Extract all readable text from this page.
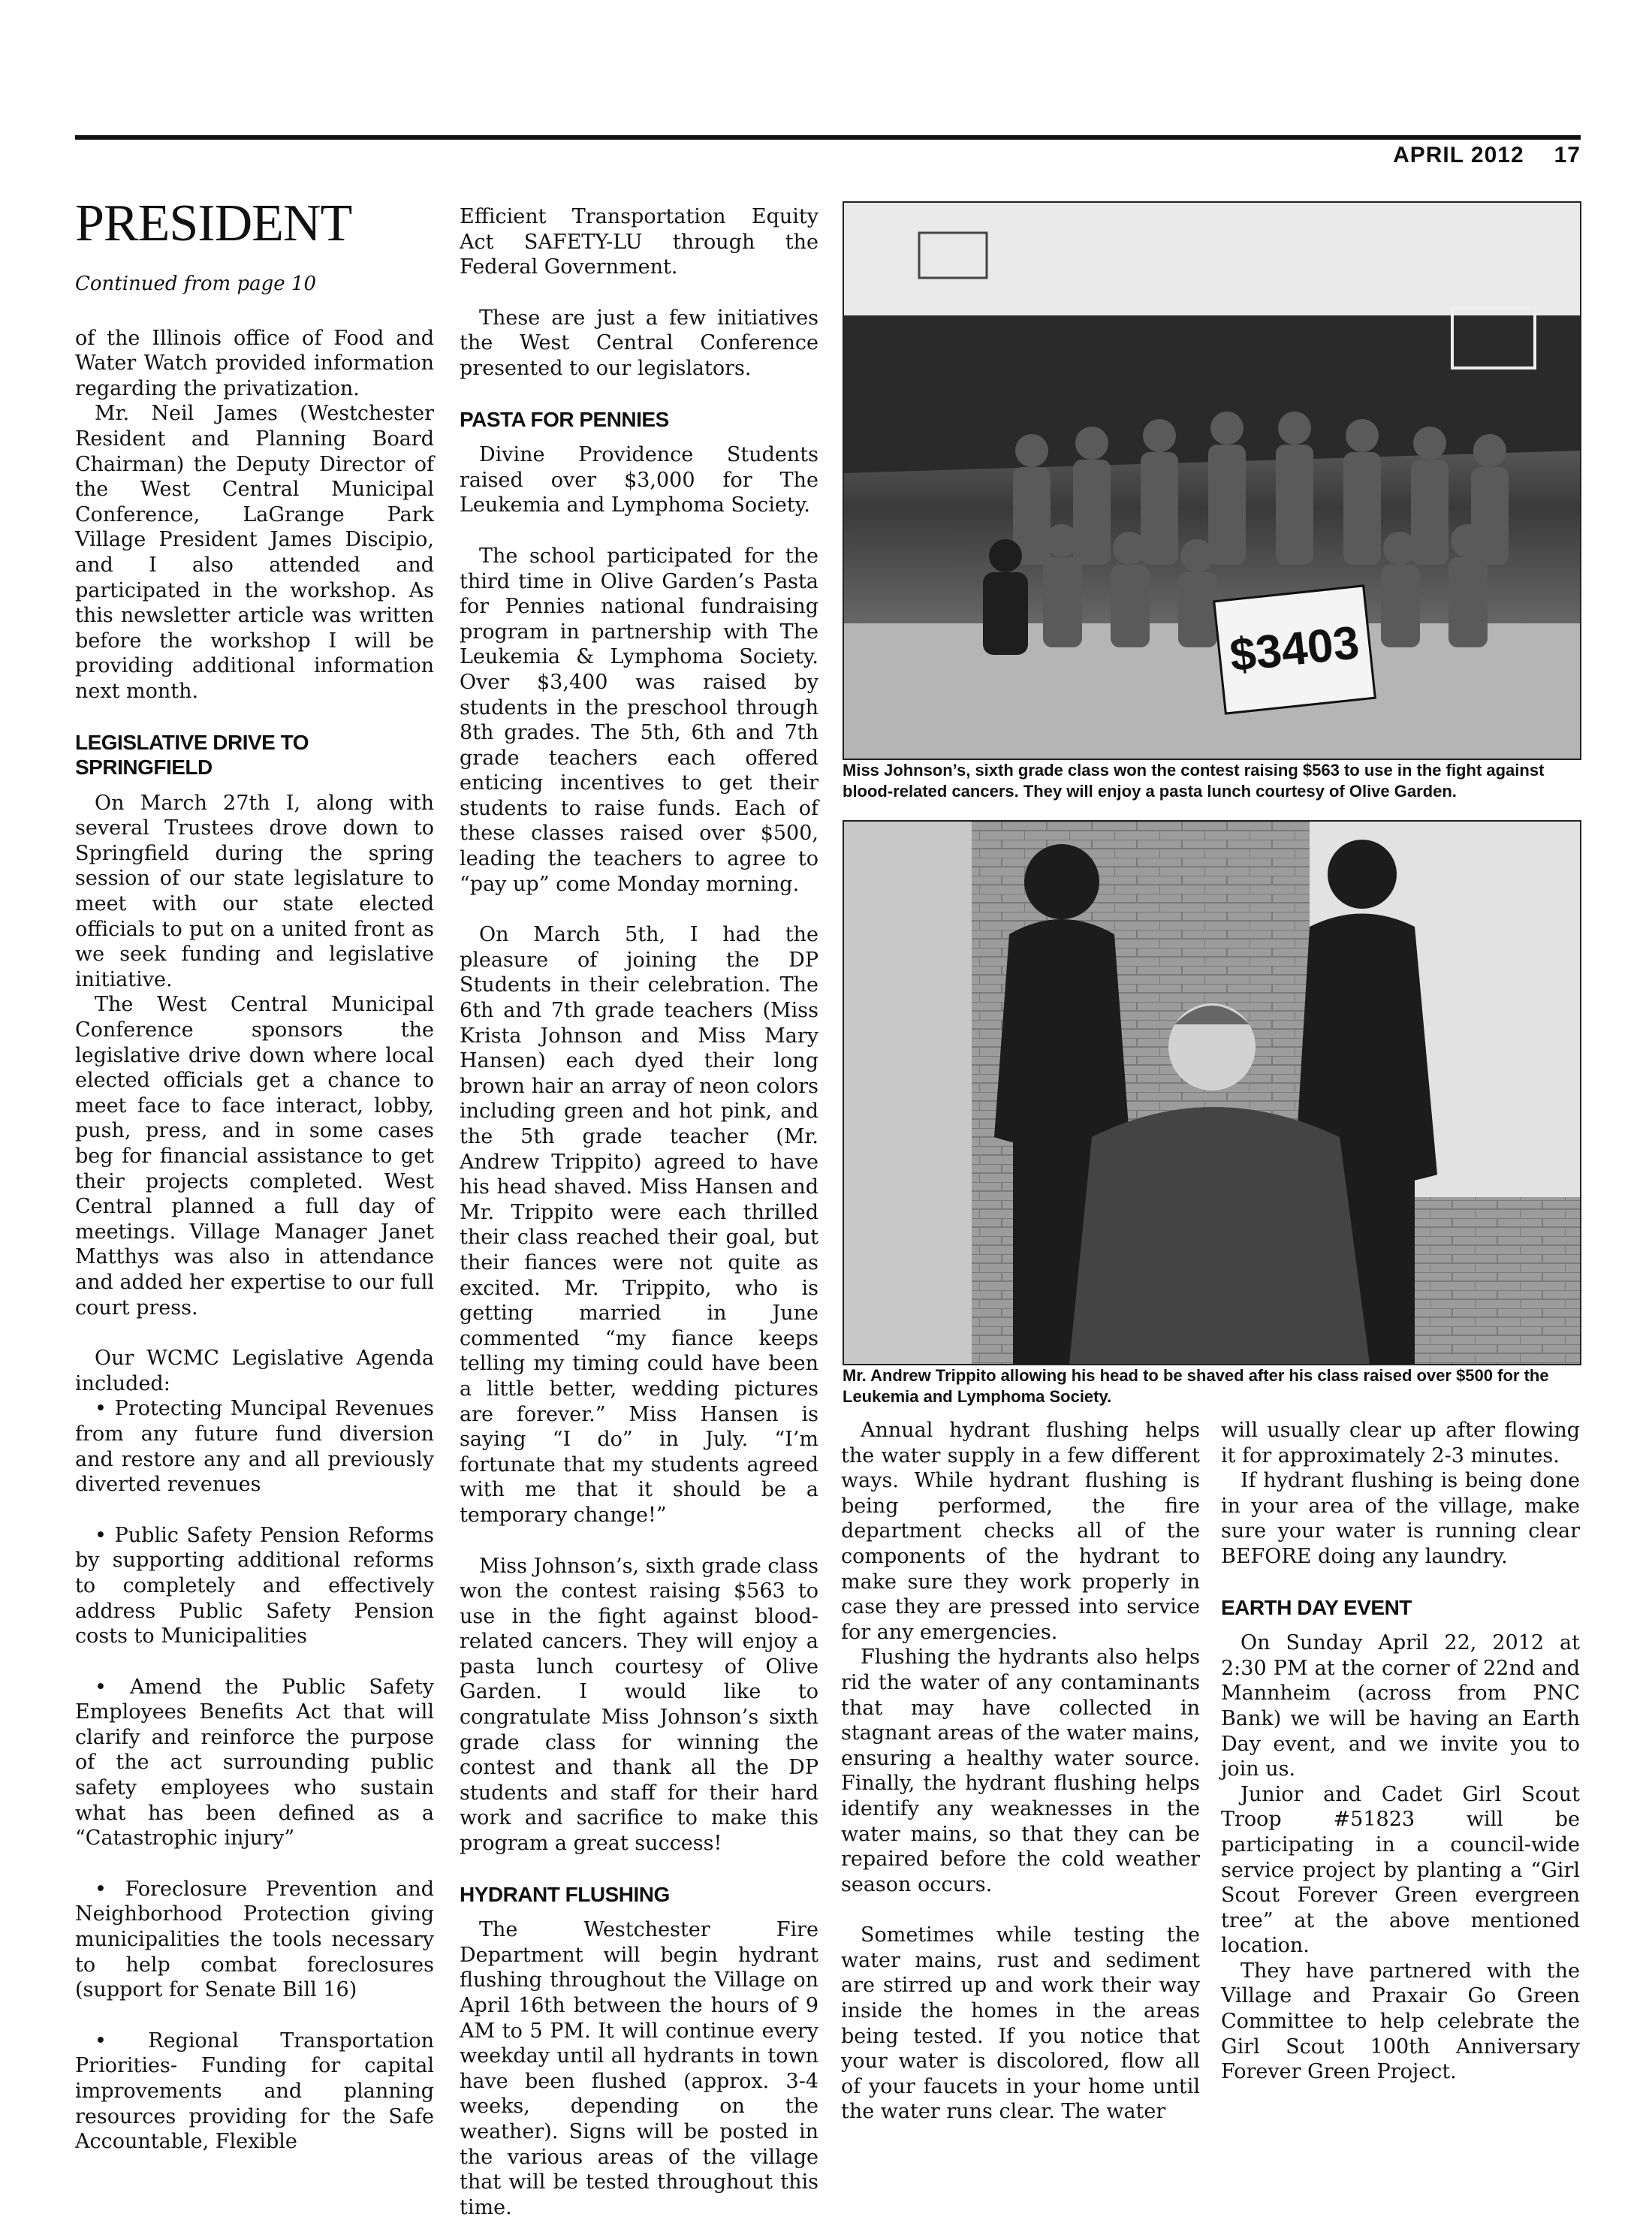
APRIL 2012 17
PRESIDENT
Continued from page 10

of the Illinois office of Food and Water Watch provided information regarding the privatization.

Mr. Neil James (Westchester Resident and Planning Board Chairman) the Deputy Director of the West Central Municipal Conference, LaGrange Park Village President James Discipio, and I also attended and participated in the workshop. As this newsletter article was written before the workshop I will be providing additional information next month.

LEGISLATIVE DRIVE TO SPRINGFIELD

On March 27th I, along with several Trustees drove down to Springfield during the spring session of our state legislature to meet with our state elected officials to put on a united front as we seek funding and legislative initiative.

The West Central Municipal Conference sponsors the legislative drive down where local elected officials get a chance to meet face to face interact, lobby, push, press, and in some cases beg for financial assistance to get their projects completed. West Central planned a full day of meetings. Village Manager Janet Matthys was also in attendance and added her expertise to our full court press.

Our WCMC Legislative Agenda included:

• Protecting Muncipal Revenues from any future fund diversion and restore any and all previously diverted revenues

• Public Safety Pension Reforms by supporting additional reforms to completely and effectively address Public Safety Pension costs to Municipalities

• Amend the Public Safety Employees Benefits Act that will clarify and reinforce the purpose of the act surrounding public safety employees who sustain what has been defined as a “Catastrophic injury”

• Foreclosure Prevention and Neighborhood Protection giving municipalities the tools necessary to help combat foreclosures (support for Senate Bill 16)

• Regional Transportation Priorities- Funding for capital improvements and planning resources providing for the Safe Accountable, Flexible

Efficient Transportation Equity Act SAFETY-LU through the Federal Government.

These are just a few initiatives the West Central Conference presented to our legislators.

PASTA FOR PENNIES

Divine Providence Students raised over $3,000 for The Leukemia and Lymphoma Society.

The school participated for the third time in Olive Garden’s Pasta for Pennies national fundraising program in partnership with The Leukemia & Lymphoma Society. Over $3,400 was raised by students in the preschool through 8th grades. The 5th, 6th and 7th grade teachers each offered enticing incentives to get their students to raise funds. Each of these classes raised over $500, leading the teachers to agree to “pay up” come Monday morning.

On March 5th, I had the pleasure of joining the DP Students in their celebration. The 6th and 7th grade teachers (Miss Krista Johnson and Miss Mary Hansen) each dyed their long brown hair an array of neon colors including green and hot pink, and the 5th grade teacher (Mr. Andrew Trippito) agreed to have his head shaved. Miss Hansen and Mr. Trippito were each thrilled their class reached their goal, but their fiances were not quite as excited. Mr. Trippito, who is getting married in June commented “my fiance keeps telling my timing could have been a little better, wedding pictures are forever.” Miss Hansen is saying “I do” in July. “I’m fortunate that my students agreed with me that it should be a temporary change!”

Miss Johnson’s, sixth grade class won the contest raising $563 to use in the fight against blood-related cancers. They will enjoy a pasta lunch courtesy of Olive Garden. I would like to congratulate Miss Johnson’s sixth grade class for winning the contest and thank all the DP students and staff for their hard work and sacrifice to make this program a great success!

HYDRANT FLUSHING

The Westchester Fire Department will begin hydrant flushing throughout the Village on April 16th between the hours of 9 AM to 5 PM. It will continue every weekday until all hydrants in town have been flushed (approx. 3-4 weeks, depending on the weather). Signs will be posted in the various areas of the village that will be tested throughout this time.

$3403
Miss Johnson’s, sixth grade class won the contest raising $563 to use in the fight against blood-related cancers. They will enjoy a pasta lunch courtesy of Olive Garden.
Mr. Andrew Trippito allowing his head to be shaved after his class raised over $500 for the Leukemia and Lymphoma Society.

Annual hydrant flushing helps the water supply in a few different ways. While hydrant flushing is being performed, the fire department checks all of the components of the hydrant to make sure they work properly in case they are pressed into service for any emergencies.

Flushing the hydrants also helps rid the water of any contaminants that may have collected in stagnant areas of the water mains, ensuring a healthy water source. Finally, the hydrant flushing helps identify any weaknesses in the water mains, so that they can be repaired before the cold weather season occurs.

Sometimes while testing the water mains, rust and sediment are stirred up and work their way inside the homes in the areas being tested. If you notice that your water is discolored, flow all of your faucets in your home until the water runs clear. The water

will usually clear up after flowing it for approximately 2-3 minutes.

If hydrant flushing is being done in your area of the village, make sure your water is running clear BEFORE doing any laundry.

EARTH DAY EVENT

On Sunday April 22, 2012 at 2:30 PM at the corner of 22nd and Mannheim (across from PNC Bank) we will be having an Earth Day event, and we invite you to join us.

Junior and Cadet Girl Scout Troop #51823 will be participating in a council-wide service project by planting a “Girl Scout Forever Green evergreen tree” at the above mentioned location.

They have partnered with the Village and Praxair Go Green Committee to help celebrate the Girl Scout 100th Anniversary Forever Green Project.
